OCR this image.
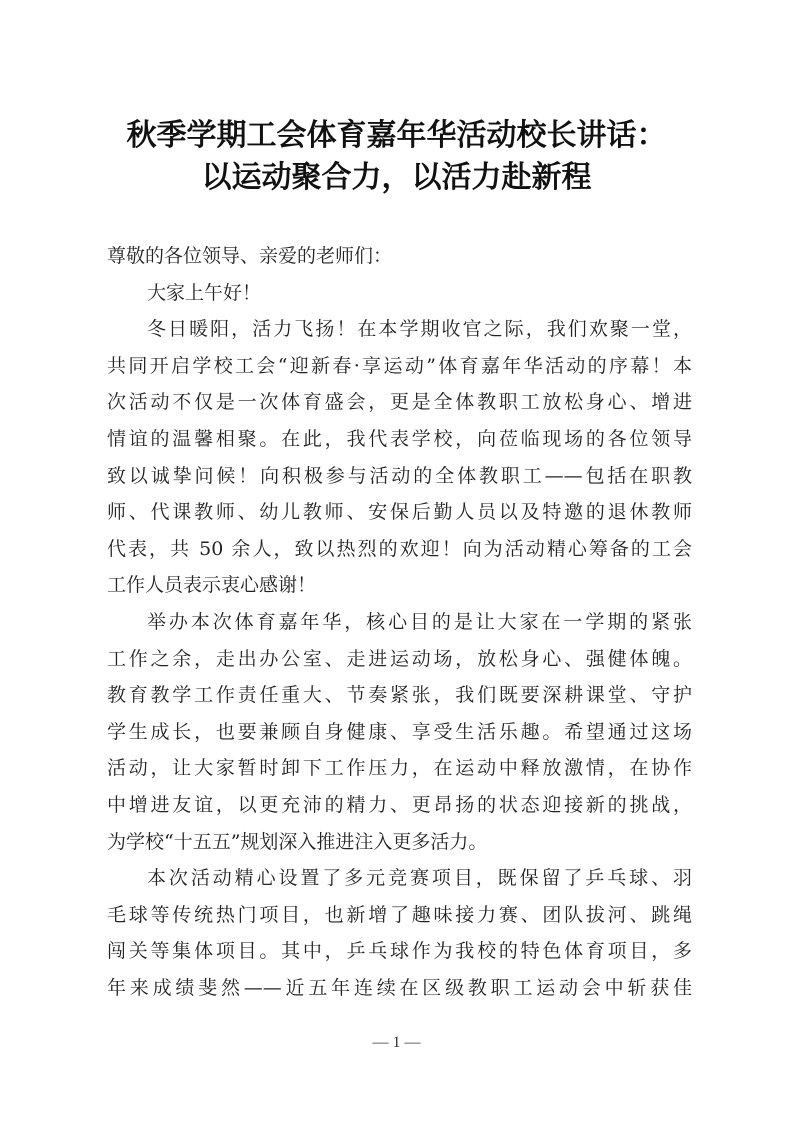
秋季学期工会体育嘉年华活动校长讲话：
以运动聚合力，以活力赴新程
尊敬的各位领导、亲爱的老师们：
大家上午好！
冬日暖阳，活力飞扬！在本学期收官之际，我们欢聚一堂，
共同开启学校工会“迎新春·享运动”体育嘉年华活动的序幕！本
次活动不仅是一次体育盛会，更是全体教职工放松身心、增进
情谊的温馨相聚。在此，我代表学校，向莅临现场的各位领导
致以诚挚问候！向积极参与活动的全体教职工——包括在职教
师、代课教师、幼儿教师、安保后勤人员以及特邀的退休教师
代表，共 50 余人，致以热烈的欢迎！向为活动精心筹备的工会
工作人员表示衷心感谢！
举办本次体育嘉年华，核心目的是让大家在一学期的紧张
工作之余，走出办公室、走进运动场，放松身心、强健体魄。
教育教学工作责任重大、节奏紧张，我们既要深耕课堂、守护
学生成长，也要兼顾自身健康、享受生活乐趣。希望通过这场
活动，让大家暂时卸下工作压力，在运动中释放激情，在协作
中增进友谊，以更充沛的精力、更昂扬的状态迎接新的挑战，
为学校“十五五”规划深入推进注入更多活力。
本次活动精心设置了多元竞赛项目，既保留了乒乓球、羽
毛球等传统热门项目，也新增了趣味接力赛、团队拔河、跳绳
闯关等集体项目。其中，乒乓球作为我校的特色体育项目，多
年来成绩斐然——近五年连续在区级教职工运动会中斩获佳
— 1 —
